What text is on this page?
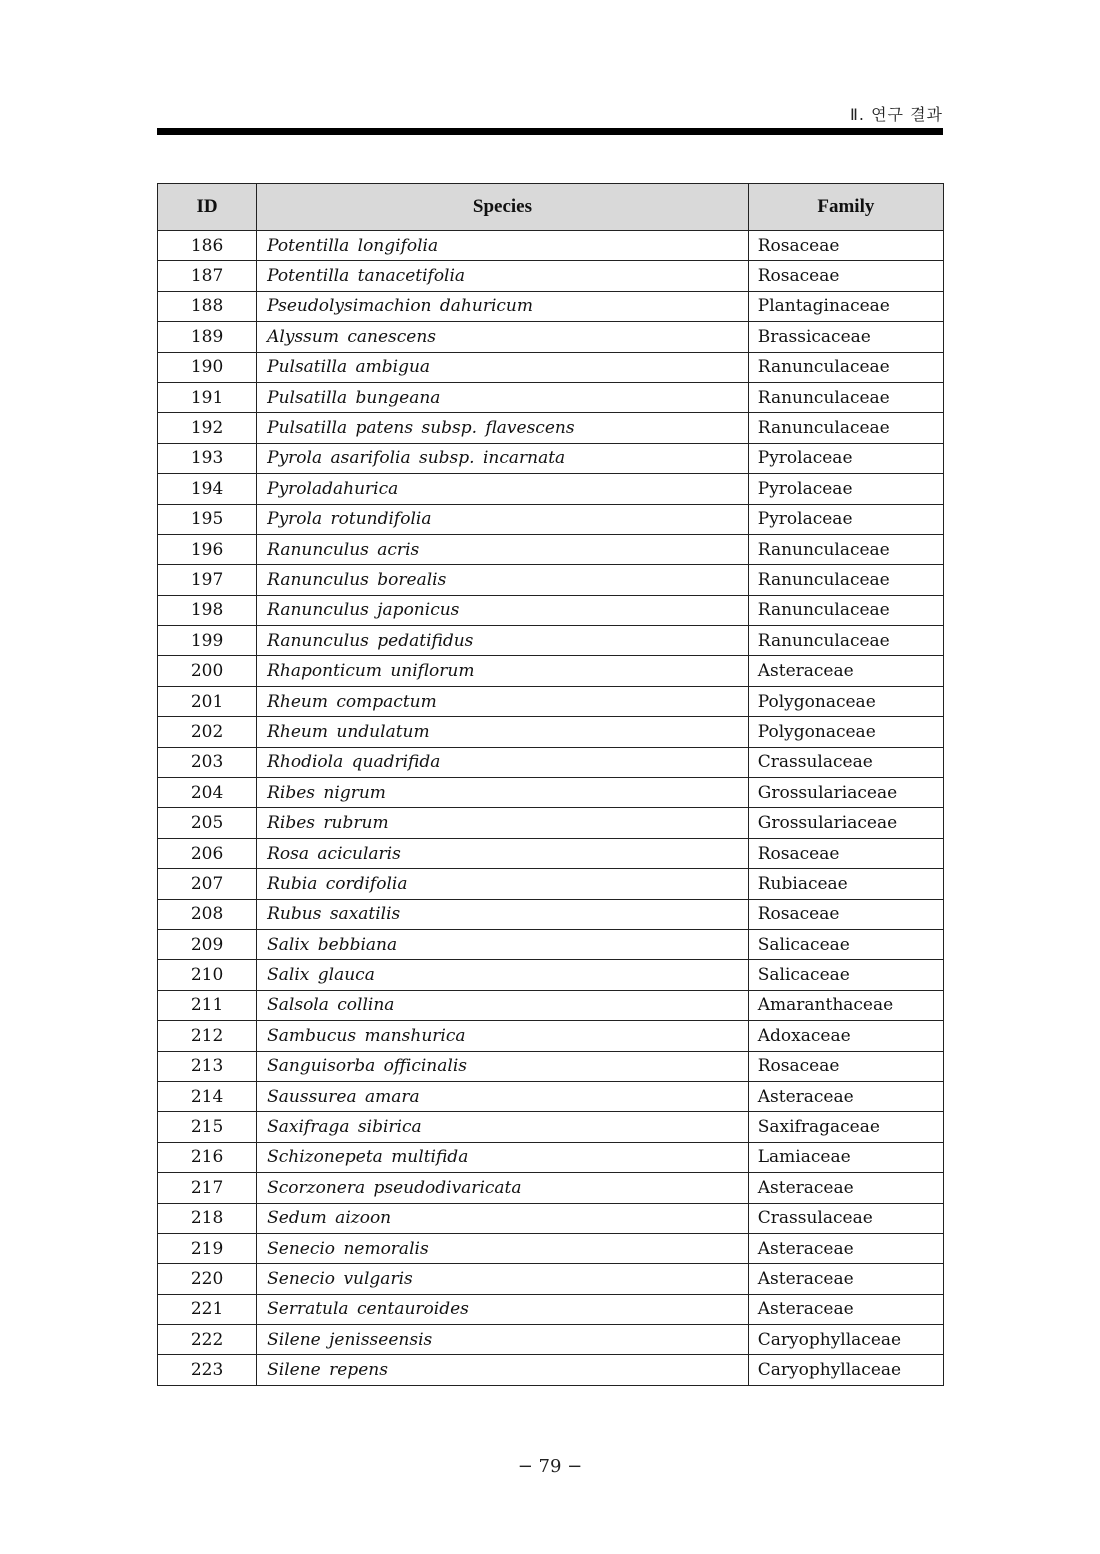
Ⅱ. 연구 결과
ID	Species	Family
186	Potentilla longifolia	Rosaceae
187	Potentilla tanacetifolia	Rosaceae
188	Pseudolysimachion dahuricum	Plantaginaceae
189	Alyssum canescens	Brassicaceae
190	Pulsatilla ambigua	Ranunculaceae
191	Pulsatilla bungeana	Ranunculaceae
192	Pulsatilla patens subsp. flavescens	Ranunculaceae
193	Pyrola asarifolia subsp. incarnata	Pyrolaceae
194	Pyroladahurica	Pyrolaceae
195	Pyrola rotundifolia	Pyrolaceae
196	Ranunculus acris	Ranunculaceae
197	Ranunculus borealis	Ranunculaceae
198	Ranunculus japonicus	Ranunculaceae
199	Ranunculus pedatifidus	Ranunculaceae
200	Rhaponticum uniflorum	Asteraceae
201	Rheum compactum	Polygonaceae
202	Rheum undulatum	Polygonaceae
203	Rhodiola quadrifida	Crassulaceae
204	Ribes nigrum	Grossulariaceae
205	Ribes rubrum	Grossulariaceae
206	Rosa acicularis	Rosaceae
207	Rubia cordifolia	Rubiaceae
208	Rubus saxatilis	Rosaceae
209	Salix bebbiana	Salicaceae
210	Salix glauca	Salicaceae
211	Salsola collina	Amaranthaceae
212	Sambucus manshurica	Adoxaceae
213	Sanguisorba officinalis	Rosaceae
214	Saussurea amara	Asteraceae
215	Saxifraga sibirica	Saxifragaceae
216	Schizonepeta multifida	Lamiaceae
217	Scorzonera pseudodivaricata	Asteraceae
218	Sedum aizoon	Crassulaceae
219	Senecio nemoralis	Asteraceae
220	Senecio vulgaris	Asteraceae
221	Serratula centauroides	Asteraceae
222	Silene jenisseensis	Caryophyllaceae
223	Silene repens	Caryophyllaceae
− 79 −
